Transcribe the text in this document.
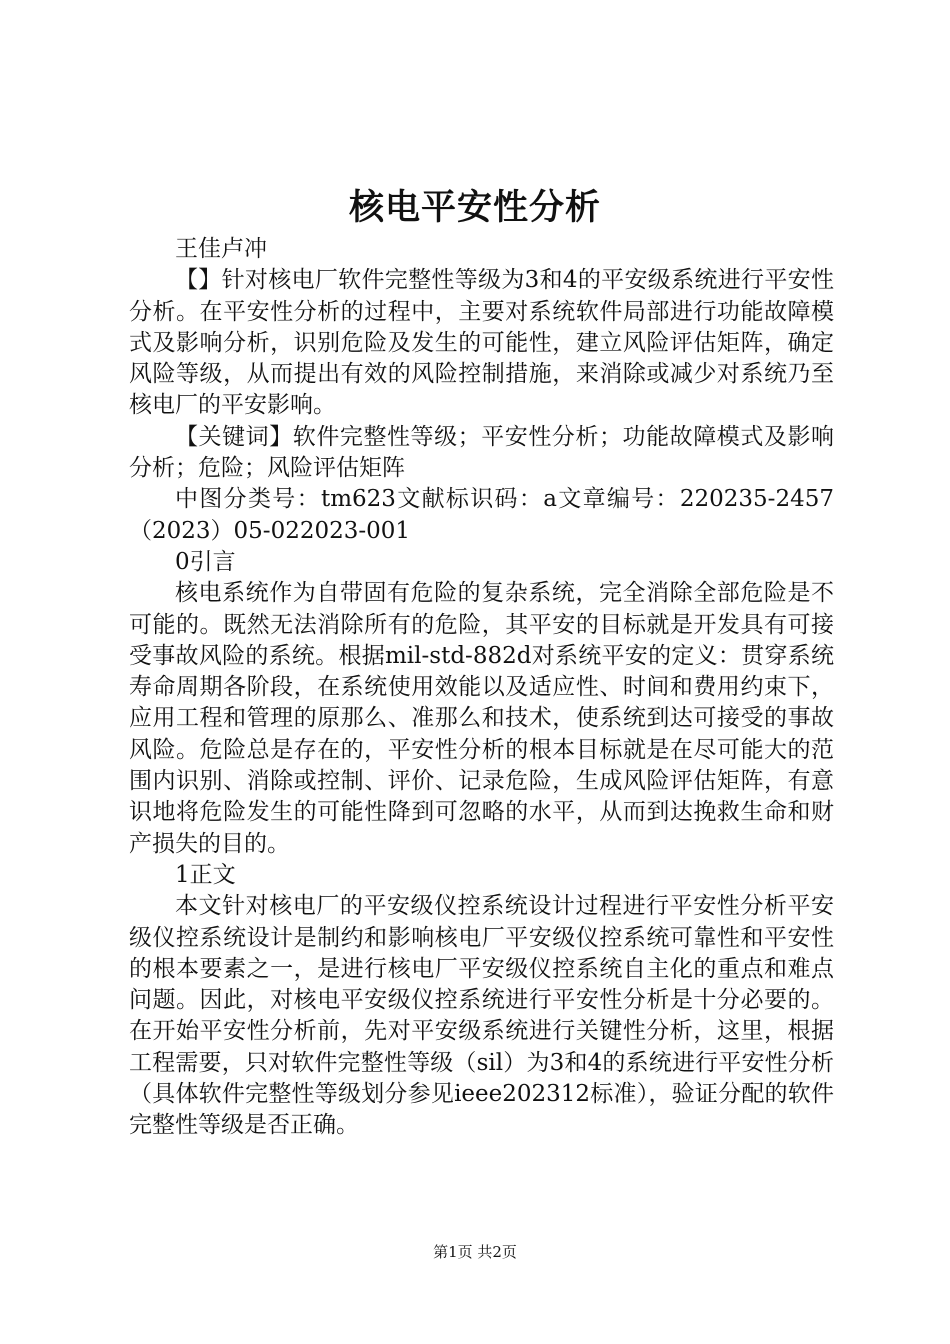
核电平安性分析

王佳卢冲

【】针对核电厂软件完整性等级为3和4的平安级系统进行平安性分析。在平安性分析的过程中，主要对系统软件局部进行功能故障模式及影响分析，识别危险及发生的可能性，建立风险评估矩阵，确定风险等级，从而提出有效的风险控制措施，来消除或减少对系统乃至核电厂的平安影响。

【关键词】软件完整性等级；平安性分析；功能故障模式及影响分析；危险；风险评估矩阵

中图分类号：tm623文献标识码：a文章编号：220235-2457（2023）05-022023-001

0引言

核电系统作为自带固有危险的复杂系统，完全消除全部危险是不可能的。既然无法消除所有的危险，其平安的目标就是开发具有可接受事故风险的系统。根据mil-std-882d对系统平安的定义：贯穿系统寿命周期各阶段，在系统使用效能以及适应性、时间和费用约束下，应用工程和管理的原那么、准那么和技术，使系统到达可接受的事故风险。危险总是存在的，平安性分析的根本目标就是在尽可能大的范围内识别、消除或控制、评价、记录危险，生成风险评估矩阵，有意识地将危险发生的可能性降到可忽略的水平，从而到达挽救生命和财产损失的目的。

1正文

本文针对核电厂的平安级仪控系统设计过程进行平安性分析平安级仪控系统设计是制约和影响核电厂平安级仪控系统可靠性和平安性的根本要素之一，是进行核电厂平安级仪控系统自主化的重点和难点问题。因此，对核电平安级仪控系统进行平安性分析是十分必要的。在开始平安性分析前，先对平安级系统进行关键性分析，这里，根据工程需要，只对软件完整性等级（sil）为3和4的系统进行平安性分析（具体软件完整性等级划分参见ieee202312标准），验证分配的软件完整性等级是否正确。

第1页 共2页
